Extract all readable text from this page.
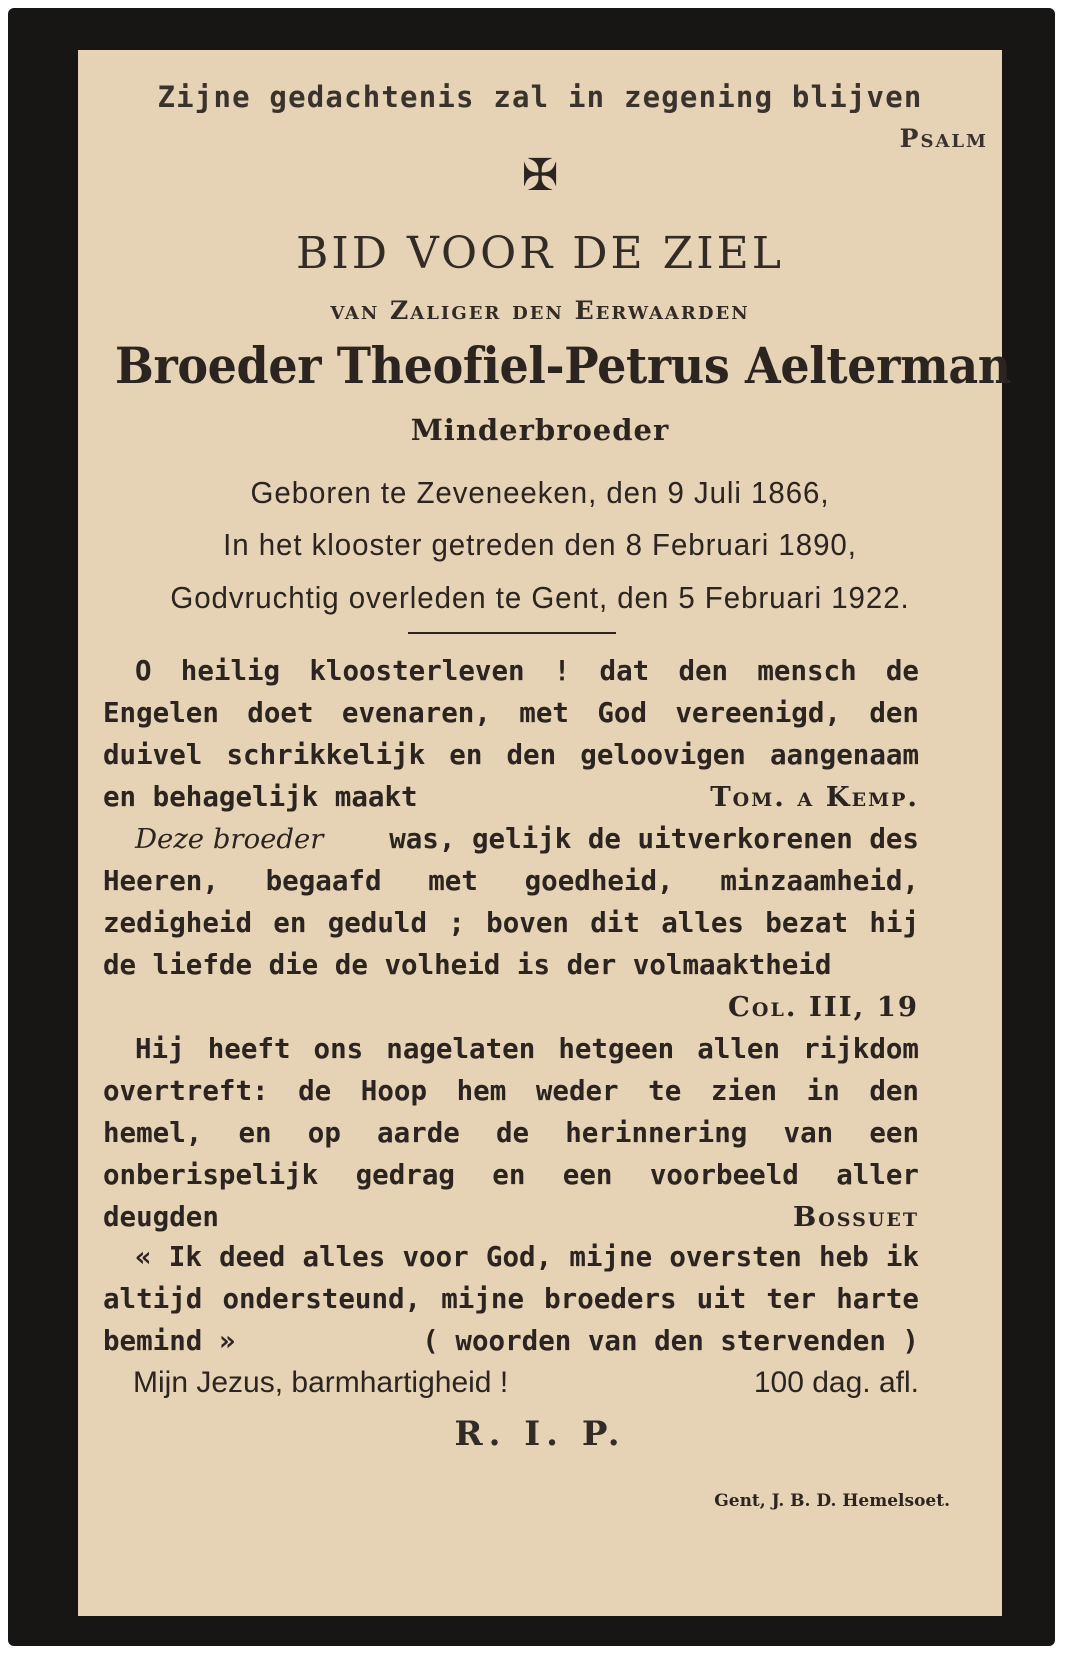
Zijne gedachtenis zal in zegening blijven
Psalm
✠
BID VOOR DE ZIEL
van Zaliger den Eerwaarden
Broeder Theofiel-Petrus Aelterman
Minderbroeder
Geboren te Zeveneeken, den 9 Juli 1866,
In het klooster getreden den 8 Februari 1890,
Godvruchtig overleden te Gent, den 5 Februari 1922.
O heilig kloosterleven ! dat den mensch de
Engelen doet evenaren, met God vereenigd, den
duivel schrikkelijk en den geloovigen aangenaam
en behagelijk maakt	Tom. a Kemp.
Deze broeder was, gelijk de uitverkorenen des
Heeren, begaafd met goedheid, minzaamheid,
zedigheid en geduld ; boven dit alles bezat hij
de liefde die de volheid is der volmaaktheid
Col. III, 19
Hij heeft ons nagelaten hetgeen allen rijkdom
overtreft: de Hoop hem weder te zien in den
hemel, en op aarde de herinnering van een
onberispelijk gedrag en een voorbeeld aller
deugden	Bossuet
« Ik deed alles voor God, mijne oversten heb ik
altijd ondersteund, mijne broeders uit ter harte
bemind »	( woorden van den stervenden )
Mijn Jezus, barmhartigheid !	100 dag. afl.
R. I. P.
Gent, J. B. D. Hemelsoet.
